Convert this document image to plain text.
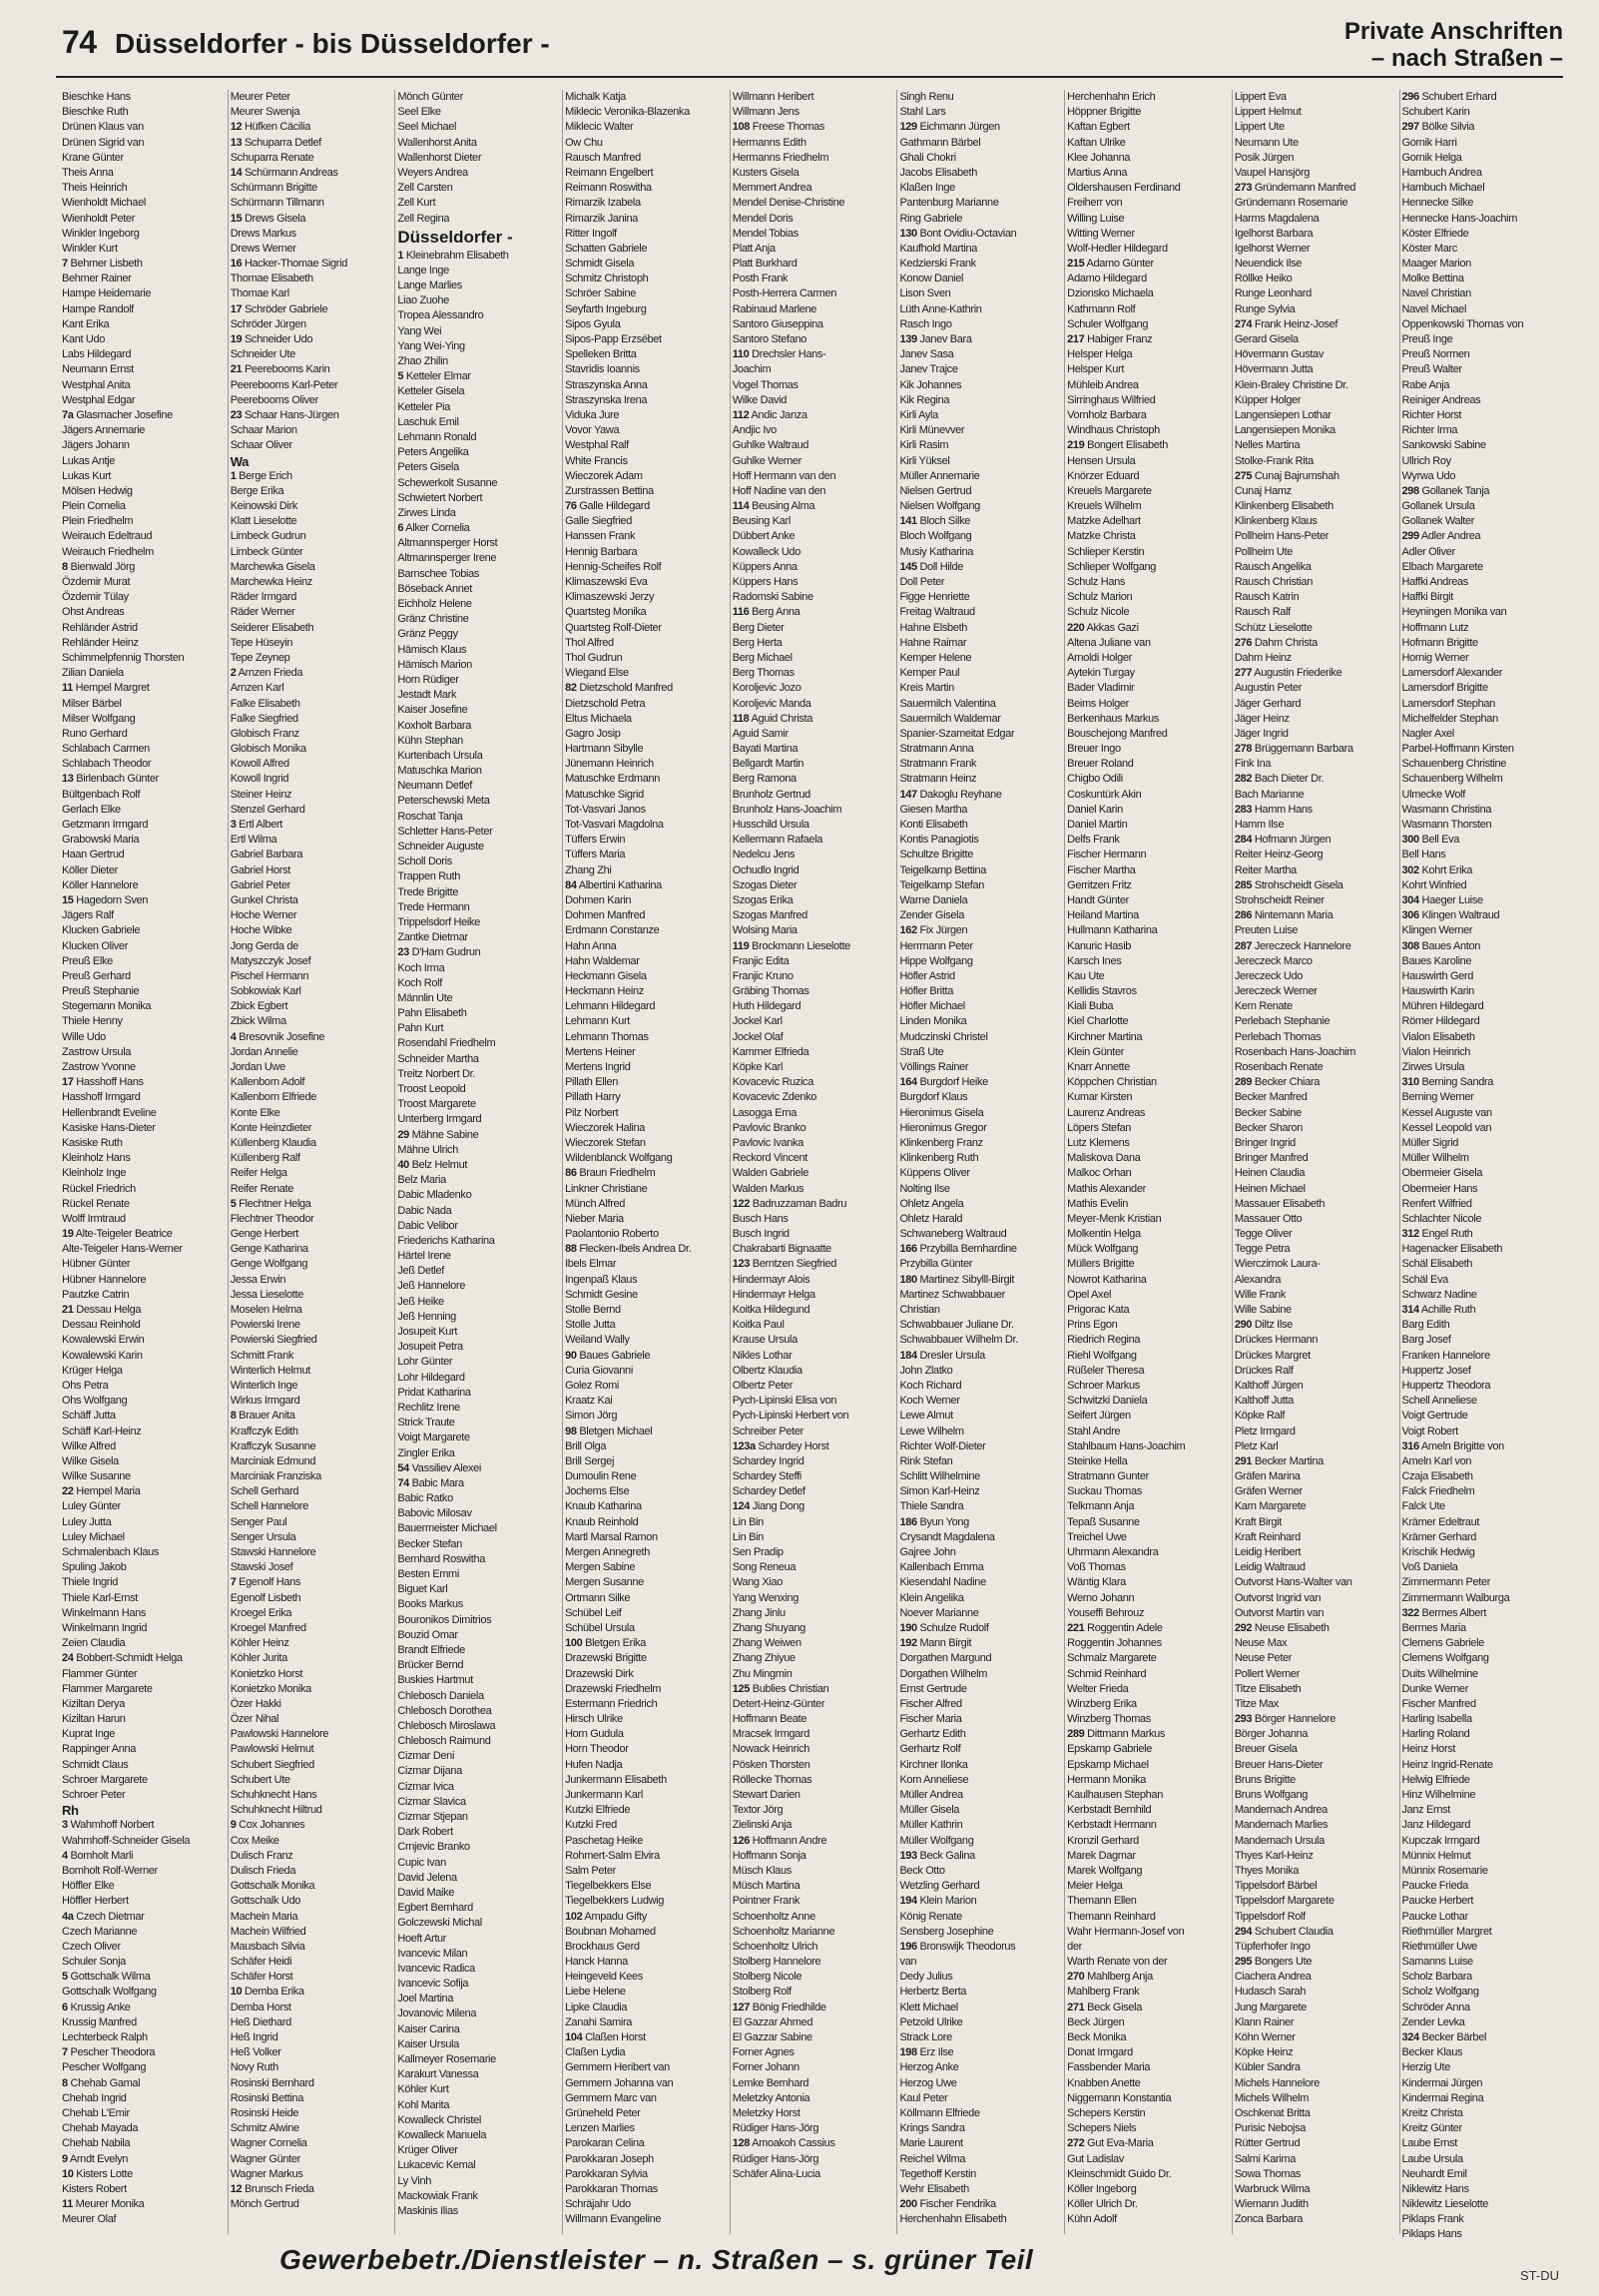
74 Düsseldorfer - bis Düsseldorfer -	Private Anschriften
– nach Straßen –
Bieschke Hans
Bieschke Ruth
Drünen Klaus van
Drünen Sigrid van
Krane Günter
Theis Anna
Theis Heinrich
Wienholdt Michael
Wienholdt Peter
Winkler Ingeborg
Winkler Kurt
7 Behmer Lisbeth
Behmer Rainer
Hampe Heidemarie
Hampe Randolf
Kant Erika
Kant Udo
Labs Hildegard
Neumann Ernst
Westphal Anita
Westphal Edgar
7a Glasmacher Josefine
Jägers Annemarie
Jägers Johann
Lukas Antje
Lukas Kurt
Mölsen Hedwig
Plein Cornelia
Plein Friedhelm
Weirauch Edeltraud
Weirauch Friedhelm
8 Bienwald Jörg
Özdemir Murat
Özdemir Tülay
Ohst Andreas
Rehländer Astrid
Rehländer Heinz
Schimmelpfennig Thorsten
Zilian Daniela
11 Hempel Margret
Milser Bärbel
Milser Wolfgang
Runo Gerhard
Schlabach Carmen
Schlabach Theodor
13 Birlenbach Günter
Bültgenbach Rolf
Gerlach Elke
Getzmann Irmgard
Grabowski Maria
Haan Gertrud
Köller Dieter
Köller Hannelore
15 Hagedorn Sven
Jägers Ralf
Klucken Gabriele
Klucken Oliver
Preuß Elke
Preuß Gerhard
Preuß Stephanie
Stegemann Monika
Thiele Henny
Wille Udo
Zastrow Ursula
Zastrow Yvonne
17 Hasshoff Hans
Hasshoff Irmgard
Hellenbrandt Eveline
Kasiske Hans-Dieter
Kasiske Ruth
Kleinholz Hans
Kleinholz Inge
Rückel Friedrich
Rückel Renate
Wolff Irmtraud
19 Alte-Teigeler Beatrice
Alte-Teigeler Hans-Werner
Hübner Günter
Hübner Hannelore
Pautzke Catrin
21 Dessau Helga
Dessau Reinhold
Kowalewski Erwin
Kowalewski Karin
Krüger Helga
Ohs Petra
Ohs Wolfgang
Schäff Jutta
Schäff Karl-Heinz
Wilke Alfred
Wilke Gisela
Wilke Susanne
22 Hempel Maria
Luley Günter
Luley Jutta
Luley Michael
Schmalenbach Klaus
Spuling Jakob
Thiele Ingrid
Thiele Karl-Ernst
Winkelmann Hans
Winkelmann Ingrid
Zeien Claudia
24 Bobbert-Schmidt Helga
Flammer Günter
Flammer Margarete
Kiziltan Derya
Kiziltan Harun
Kuprat Inge
Rappinger Anna
Schmidt Claus
Schroer Margarete
Schroer Peter
Rh
3 Wahmhoff Norbert
Wahmhoff-Schneider Gisela
4 Bomholt Marli
Bomholt Rolf-Werner
Höffler Elke
Höffler Herbert
4a Czech Dietmar
Czech Marianne
Czech Oliver
Schuler Sonja
5 Gottschalk Wilma
Gottschalk Wolfgang
6 Krussig Anke
Krussig Manfred
Lechterbeck Ralph
7 Pescher Theodora
Pescher Wolfgang
8 Chehab Gamal
Chehab Ingrid
Chehab L'Emir
Chehab Mayada
Chehab Nabila
9 Arndt Evelyn
10 Kisters Lotte
Kisters Robert
11 Meurer Monika
Meurer Olaf
Meurer Peter
Meurer Swenja
12 Hüfken Cäcilia
13 Schuparra Detlef
Schuparra Renate
14 Schürmann Andreas
Schürmann Brigitte
Schürmann Tillmann
15 Drews Gisela
Drews Markus
Drews Werner
16 Hacker-Thomae Sigrid
Thomae Elisabeth
Thomae Karl
17 Schröder Gabriele
Schröder Jürgen
19 Schneider Udo
Schneider Ute
21 Peerebooms Karin
Peerebooms Karl-Peter
Peerebooms Oliver
23 Schaar Hans-Jürgen
Schaar Marion
Schaar Oliver
Wa
1 Berge Erich
Berge Erika
Keinowski Dirk
Klatt Lieselotte
Limbeck Gudrun
Limbeck Günter
Marchewka Gisela
Marchewka Heinz
Räder Irmgard
Räder Werner
Seiderer Elisabeth
Tepe Hüseyin
Tepe Zeynep
2 Arnzen Frieda
Arnzen Karl
Falke Elisabeth
Falke Siegfried
Globisch Franz
Globisch Monika
Kowoll Alfred
Kowoll Ingrid
Steiner Heinz
Stenzel Gerhard
3 Ertl Albert
Ertl Wilma
Gabriel Barbara
Gabriel Horst
Gabriel Peter
Gunkel Christa
Hoche Werner
Hoche Wibke
Jong Gerda de
Matyszczyk Josef
Pischel Hermann
Sobkowiak Karl
Zbick Egbert
Zbick Wilma
4 Bresovnik Josefine
Jordan Annelie
Jordan Uwe
Kallenborn Adolf
Kallenborn Elfriede
Konte Elke
Konte Heinzdieter
Küllenberg Klaudia
Küllenberg Ralf
Reifer Helga
Reifer Renate
5 Flechtner Helga
Flechtner Theodor
Genge Herbert
Genge Katharina
Genge Wolfgang
Jessa Erwin
Jessa Lieselotte
Moselen Helma
Powierski Irene
Powierski Siegfried
Schmitt Frank
Winterlich Helmut
Winterlich Inge
Wirkus Irmgard
8 Brauer Anita
Kraffczyk Edith
Kraffczyk Susanne
Marciniak Edmund
Marciniak Franziska
Schell Gerhard
Schell Hannelore
Senger Paul
Senger Ursula
Stawski Hannelore
Stawski Josef
7 Egenolf Hans
Egenolf Lisbeth
Kroegel Erika
Kroegel Manfred
Köhler Heinz
Köhler Jurita
Konietzko Horst
Konietzko Monika
Özer Hakki
Özer Nihal
Pawlowski Hannelore
Pawlowski Helmut
Schubert Siegfried
Schubert Ute
Schuhknecht Hans
Schuhknecht Hiltrud
9 Cox Johannes
Cox Meike
Dulisch Franz
Dulisch Frieda
Gottschalk Monika
Gottschalk Udo
Machein Maria
Machein Wilfried
Mausbach Silvia
Schäfer Heidi
Schäfer Horst
10 Demba Erika
Demba Horst
Heß Diethard
Heß Ingrid
Heß Volker
Novy Ruth
Rosinski Bernhard
Rosinski Bettina
Rosinski Heide
Schmitz Alwine
Wagner Cornelia
Wagner Günter
Wagner Markus
12 Brunsch Frieda
Mönch Gertrud
Mönch Günter
Seel Elke
Seel Michael
Wallenhorst Anita
Wallenhorst Dieter
Weyers Andrea
Zell Carsten
Zell Kurt
Zell Regina
Düsseldorfer -
1 Kleinebrahm Elisabeth
Lange Inge
Lange Marlies
Liao Zuohe
Tropea Alessandro
Yang Wei
Yang Wei-Ying
Zhao Zhilin
5 Ketteler Elmar
Ketteler Gisela
Ketteler Pia
Laschuk Emil
Lehmann Ronald
Peters Angelika
Peters Gisela
Schewerkolt Susanne
Schwietert Norbert
Zirwes Linda
6 Alker Cornelia
Altmannsperger Horst
Altmannsperger Irene
Barnschee Tobias
Böseback Annet
Eichholz Helene
Gränz Christine
Gränz Peggy
Hämisch Klaus
Hämisch Marion
Horn Rüdiger
Jestadt Mark
Kaiser Josefine
Koxholt Barbara
Kühn Stephan
Kurtenbach Ursula
Matuschka Marion
Neumann Detlef
Peterschewski Meta
Roschat Tanja
Schletter Hans-Peter
Schneider Auguste
Scholl Doris
Trappen Ruth
Trede Brigitte
Trede Hermann
Trippelsdorf Heike
Zantke Dietmar
23 D'Ham Gudrun
Koch Irma
Koch Rolf
Männlin Ute
Pahn Elisabeth
Pahn Kurt
Rosendahl Friedhelm
Schneider Martha
Treitz Norbert Dr.
Troost Leopold
Troost Margarete
Unterberg Irmgard
29 Mähne Sabine
Mähne Ulrich
40 Belz Helmut
Belz Maria
Dabic Mladenko
Dabic Nada
Dabic Velibor
Friederichs Katharina
Härtel Irene
Jeß Detlef
Jeß Hannelore
Jeß Heike
Jeß Henning
Josupeit Kurt
Josupeit Petra
Lohr Günter
Lohr Hildegard
Pridat Katharina
Rechlitz Irene
Strick Traute
Voigt Margarete
Zingler Erika
54 Vassiliev Alexei
74 Babic Mara
Babic Ratko
Babovic Milosav
Bauermeister Michael
Becker Stefan
Bernhard Roswitha
Besten Emmi
Biguet Karl
Books Markus
Bouronikos Dimitrios
Bouzid Omar
Brandt Elfriede
Brücker Bernd
Buskies Hartmut
Chlebosch Daniela
Chlebosch Dorothea
Chlebosch Miroslawa
Chlebosch Raimund
Cizmar Deni
Cizmar Dijana
Cizmar Ivica
Cizmar Slavica
Cizmar Stjepan
Dark Robert
Crnjevic Branko
Cupic Ivan
David Jelena
David Maike
Egbert Bernhard
Golczewski Michal
Hoeft Artur
Ivancevic Milan
Ivancevic Radica
Ivancevic Sofija
Joel Martina
Jovanovic Milena
Kaiser Carina
Kaiser Ursula
Kallmeyer Rosemarie
Karakurt Vanessa
Köhler Kurt
Kohl Marita
Kowalleck Christel
Kowalleck Manuela
Krüger Oliver
Lukacevic Kemal
Ly Vinh
Mackowiak Frank
Maskinis Ilias
Michalk Katja
Miklecic Veronika-Blazenka
Miklecic Walter
Ow Chu
Rausch Manfred
Reimann Engelbert
Reimann Roswitha
Rimarzik Izabela
Rimarzik Janina
Ritter Ingolf
Schatten Gabriele
Schmidt Gisela
Schmitz Christoph
Schröer Sabine
Seyfarth Ingeburg
Sipos Gyula
Sipos-Papp Erzsébet
Spelleken Britta
Stavridis Ioannis
Straszynska Anna
Straszynska Irena
Viduka Jure
Vovor Yawa
Westphal Ralf
White Francis
Wieczorek Adam
Zurstrassen Bettina
76 Galle Hildegard
Galle Siegfried
Hanssen Frank
Hennig Barbara
Hennig-Scheifes Rolf
Klimaszewski Eva
Klimaszewski Jerzy
Quartsteg Monika
Quartsteg Rolf-Dieter
Thol Alfred
Thol Gudrun
Wiegand Else
82 Dietzschold Manfred
Dietzschold Petra
Eltus Michaela
Gagro Josip
Hartmann Sibylle
Jünemann Heinrich
Matuschke Erdmann
Matuschke Sigrid
Tot-Vasvari Janos
Tot-Vasvari Magdolna
Tüffers Erwin
Tüffers Maria
Zhang Zhi
84 Albertini Katharina
Dohmen Karin
Dohmen Manfred
Erdmann Constanze
Hahn Anna
Hahn Waldemar
Heckmann Gisela
Heckmann Heinz
Lehmann Hildegard
Lehmann Kurt
Lehmann Thomas
Mertens Heiner
Mertens Ingrid
Pillath Ellen
Pillath Harry
Pilz Norbert
Wieczorek Halina
Wieczorek Stefan
Wildenblanck Wolfgang
86 Braun Friedhelm
Linkner Christiane
Münch Alfred
Nieber Maria
Paolantonio Roberto
88 Flecken-Ibels Andrea Dr.
Ibels Elmar
Ingenpaß Klaus
Schmidt Gesine
Stolle Bernd
Stolle Jutta
Weiland Wally
90 Baues Gabriele
Curia Giovanni
Golez Romi
Kraatz Kai
Simon Jörg
98 Bletgen Michael
Brill Olga
Brill Sergej
Dumoulin Rene
Jochems Else
Knaub Katharina
Knaub Reinhold
Martl Marsal Ramon
Mergen Annegreth
Mergen Sabine
Mergen Susanne
Ortmann Silke
Schübel Leif
Schübel Ursula
100 Bletgen Erika
Drazewski Brigitte
Drazewski Dirk
Drazewski Friedhelm
Estermann Friedrich
Hirsch Ulrike
Horn Gudula
Horn Theodor
Hufen Nadja
Junkermann Elisabeth
Junkermann Karl
Kutzki Elfriede
Kutzki Fred
Paschetag Heike
Rohmert-Salm Elvira
Salm Peter
Tiegelbekkers Else
Tiegelbekkers Ludwig
102 Ampadu Gifty
Boubnan Mohamed
Brockhaus Gerd
Hanck Hanna
Heingeveld Kees
Liebe Helene
Lipke Claudia
Zanahi Samira
104 Claßen Horst
Claßen Lydia
Gemmern Heribert van
Gemmern Johanna van
Gemmern Marc van
Grüneheld Peter
Lenzen Marlies
Parokaran Celina
Parokkaran Joseph
Parokkaran Sylvia
Parokkaran Thomas
Schräjahr Udo
Willmann Evangeline
Willmann Heribert
Willmann Jens
108 Freese Thomas
Hermanns Edith
Hermanns Friedhelm
Kusters Gisela
Memmert Andrea
Mendel Denise-Christine
Mendel Doris
Mendel Tobias
Platt Anja
Platt Burkhard
Posth Frank
Posth-Herrera Carmen
Rabinaud Marlene
Santoro Giuseppina
Santoro Stefano
110 Drechsler Hans-
Joachim
Vogel Thomas
Wilke David
112 Andic Janza
Andjic Ivo
Guhlke Waltraud
Guhlke Werner
Hoff Hermann van den
Hoff Nadine van den
114 Beusing Alma
Beusing Karl
Dübbert Anke
Kowalleck Udo
Küppers Anna
Küppers Hans
Radomski Sabine
116 Berg Anna
Berg Dieter
Berg Herta
Berg Michael
Berg Thomas
Koroljevic Jozo
Koroljevic Manda
118 Aguid Christa
Aguid Samir
Bayati Martina
Bellgardt Martin
Berg Ramona
Brunholz Gertrud
Brunholz Hans-Joachim
Husschild Ursula
Kellermann Rafaela
Nedelcu Jens
Ochudlo Ingrid
Szogas Dieter
Szogas Erika
Szogas Manfred
Wolsing Maria
119 Brockmann Lieselotte
Franjic Edita
Franjic Kruno
Gräbing Thomas
Huth Hildegard
Jockel Karl
Jockel Olaf
Kammer Elfrieda
Köpke Karl
Kovacevic Ruzica
Kovacevic Zdenko
Lasogga Erna
Pavlovic Branko
Pavlovic Ivanka
Reckord Vincent
Walden Gabriele
Walden Markus
122 Badruzzaman Badru
Busch Hans
Busch Ingrid
Chakrabarti Bignaatte
123 Berntzen Siegfried
Hindermayr Alois
Hindermayr Helga
Koitka Hildegund
Koitka Paul
Krause Ursula
Nikles Lothar
Olbertz Klaudia
Olbertz Peter
Pych-Lipinski Elisa von
Pych-Lipinski Herbert von
Schreiber Peter
123a Schardey Horst
Schardey Ingrid
Schardey Steffi
Schardey Detlef
124 Jiang Dong
Lin Bin
Lin Bin
Sen Pradip
Song Reneua
Wang Xiao
Yang Wenxing
Zhang Jinlu
Zhang Shuyang
Zhang Weiwen
Zhang Zhiyue
Zhu Mingmin
125 Bublies Christian
Detert-Heinz-Günter
Hoffmann Beate
Mracsek Irmgard
Nowack Heinrich
Pösken Thorsten
Röllecke Thomas
Stewart Darien
Textor Jörg
Zielinski Anja
126 Hoffmann Andre
Hoffmann Sonja
Müsch Klaus
Müsch Martina
Pointner Frank
Schoenholtz Anne
Schoenholtz Marianne
Schoenholtz Ulrich
Stolberg Hannelore
Stolberg Nicole
Stolberg Rolf
127 Bönig Friedhilde
El Gazzar Ahmed
El Gazzar Sabine
Forner Agnes
Forner Johann
Lemke Bernhard
Meletzky Antonia
Meletzky Horst
Rüdiger Hans-Jörg
128 Amoakoh Cassius
Rüdiger Hans-Jörg
Schäfer Alina-Lucia
Singh Renu
Stahl Lars
129 Eichmann Jürgen
Gathmann Bärbel
Ghali Chokri
Jacobs Elisabeth
Klaßen Inge
Pantenburg Marianne
Ring Gabriele
130 Bont Ovidiu-Octavian
Kaufhold Martina
Kedzierski Frank
Konow Daniel
Lison Sven
Lüth Anne-Kathrin
Rasch Ingo
139 Janev Bara
Janev Sasa
Janev Trajce
Kik Johannes
Kik Regina
Kirli Ayla
Kirli Münevver
Kirli Rasim
Kirli Yüksel
Müller Annemarie
Nielsen Gertrud
Nielsen Wolfgang
141 Bloch Silke
Bloch Wolfgang
Musiy Katharina
145 Doll Hilde
Doll Peter
Figge Henriette
Freitag Waltraud
Hahne Elsbeth
Hahne Raimar
Kemper Helene
Kemper Paul
Kreis Martin
Sauermilch Valentina
Sauermilch Waldemar
Spanier-Szameitat Edgar
Stratmann Anna
Stratmann Frank
Stratmann Heinz
147 Dakoglu Reyhane
Giesen Martha
Konti Elisabeth
Kontis Panagiotis
Schultze Brigitte
Teigelkamp Bettina
Teigelkamp Stefan
Warne Daniela
Zender Gisela
162 Fix Jürgen
Herrmann Peter
Hippe Wolfgang
Höfler Astrid
Höfler Britta
Höfler Michael
Linden Monika
Mudczinski Christel
Straß Ute
Völlings Rainer
164 Burgdorf Heike
Burgdorf Klaus
Hieronimus Gisela
Hieronimus Gregor
Klinkenberg Franz
Klinkenberg Ruth
Küppens Oliver
Nolting Ilse
Ohletz Angela
Ohletz Harald
Schwaneberg Waltraud
166 Przybilla Bernhardine
Przybilla Günter
180 Martinez Sibylll-Birgit
Martinez Schwabbauer
Christian
Schwabbauer Juliane Dr.
Schwabbauer Wilhelm Dr.
184 Dresler Ursula
John Zlatko
Koch Richard
Koch Werner
Lewe Almut
Lewe Wilhelm
Richter Wolf-Dieter
Rink Stefan
Schlitt Wilhelmine
Simon Karl-Heinz
Thiele Sandra
186 Byun Yong
Crysandt Magdalena
Gajree John
Kallenbach Emma
Kiesendahl Nadine
Klein Angelika
Noever Marianne
190 Schulze Rudolf
192 Mann Birgit
Dorgathen Margund
Dorgathen Wilhelm
Ernst Gertrude
Fischer Alfred
Fischer Maria
Gerhartz Edith
Gerhartz Rolf
Kirchner Ilonka
Kom Anneliese
Müller Andrea
Müller Gisela
Müller Kathrin
Müller Wolfgang
193 Beck Galina
Beck Otto
Wetzling Gerhard
194 Klein Marion
König Renate
Sensberg Josephine
196 Bronswijk Theodorus
van
Dedy Julius
Herbertz Berta
Klett Michael
Petzold Ulrike
Strack Lore
198 Erz Ilse
Herzog Anke
Herzog Uwe
Kaul Peter
Köllmann Elfriede
Krings Sandra
Marie Laurent
Reichel Wilma
Tegethoff Kerstin
Wehr Elisabeth
200 Fischer Fendrika
Herchenhahn Elisabeth
Herchenhahn Erich
Höppner Brigitte
Kaftan Egbert
Kaftan Ulrike
Klee Johanna
Martius Anna
Oldershausen Ferdinand
Freiherr von
Willing Luise
Witting Werner
Wolf-Hedler Hildegard
215 Adamo Günter
Adamo Hildegard
Dzionsko Michaela
Kathmann Rolf
Schuler Wolfgang
217 Habiger Franz
Helsper Helga
Helsper Kurt
Mühleib Andrea
Sirringhaus Wilfried
Vornholz Barbara
Windhaus Christoph
219 Bongert Elisabeth
Hensen Ursula
Knörzer Eduard
Kreuels Margarete
Kreuels Wilhelm
Matzke Adelhart
Matzke Christa
Schlieper Kerstin
Schlieper Wolfgang
Schulz Hans
Schulz Marion
Schulz Nicole
220 Akkas Gazi
Altena Juliane van
Arnoldi Holger
Aytekin Turgay
Bader Vladimir
Beims Holger
Berkenhaus Markus
Bouschejong Manfred
Breuer Ingo
Breuer Roland
Chigbo Odili
Coskuntürk Akin
Daniel Karin
Daniel Martin
Delfs Frank
Fischer Hermann
Fischer Martha
Gerritzen Fritz
Handt Günter
Heiland Martina
Hullmann Katharina
Kanuric Hasib
Karsch Ines
Kau Ute
Kellidis Stavros
Kiali Buba
Kiel Charlotte
Kirchner Martina
Klein Günter
Knarr Annette
Köppchen Christian
Kumar Kirsten
Laurenz Andreas
Löpers Stefan
Lutz Klemens
Maliskova Dana
Malkoc Orhan
Mathis Alexander
Mathis Evelin
Meyer-Menk Kristian
Molkentin Helga
Mück Wolfgang
Müllers Brigitte
Nowrot Katharina
Opel Axel
Prigorac Kata
Prins Egon
Riedrich Regina
Riehl Wolfgang
Rüßeler Theresa
Schroer Markus
Schwitzki Daniela
Seifert Jürgen
Stahl Andre
Stahlbaum Hans-Joachim
Steinke Hella
Stratmann Gunter
Suckau Thomas
Telkmann Anja
Tepaß Susanne
Treichel Uwe
Uhrmann Alexandra
Voß Thomas
Wäntig Klara
Werno Johann
Youseffi Behrouz
221 Roggentin Adele
Roggentin Johannes
Schmalz Margarete
Schmid Reinhard
Welter Frieda
Winzberg Erika
Winzberg Thomas
289 Dittmann Markus
Epskamp Gabriele
Epskamp Michael
Hermann Monika
Kaulhausen Stephan
Kerbstadt Bernhild
Kerbstadt Hermann
Kronzil Gerhard
Marek Dagmar
Marek Wolfgang
Meier Helga
Themann Ellen
Themann Reinhard
Wahr Hermann-Josef von
der
Warth Renate von der
270 Mahlberg Anja
Mahlberg Frank
271 Beck Gisela
Beck Jürgen
Beck Monika
Donat Irmgard
Fassbender Maria
Knabben Anette
Niggemann Konstantia
Schepers Kerstin
Schepers Niels
272 Gut Eva-Maria
Gut Ladislav
Kleinschmidt Guido Dr.
Köller Ingeborg
Köller Ulrich Dr.
Kühn Adolf
Lippert Eva
Lippert Helmut
Lippert Ute
Neumann Ute
Posik Jürgen
Vaupel Hansjörg
273 Gründemann Manfred
Gründemann Rosemarie
Harms Magdalena
Igelhorst Barbara
Igelhorst Werner
Neuendick Ilse
Röllke Heiko
Runge Leonhard
Runge Sylvia
274 Frank Heinz-Josef
Gerard Gisela
Hövermann Gustav
Hövermann Jutta
Klein-Braley Christine Dr.
Küpper Holger
Langensiepen Lothar
Langensiepen Monika
Nelles Martina
Stolke-Frank Rita
275 Cunaj Bajrumshah
Cunaj Hamz
Klinkenberg Elisabeth
Klinkenberg Klaus
Pollheim Hans-Peter
Pollheim Ute
Rausch Angelika
Rausch Christian
Rausch Katrin
Rausch Ralf
Schütz Lieselotte
276 Dahm Christa
Dahm Heinz
277 Augustin Friederike
Augustin Peter
Jäger Gerhard
Jäger Heinz
Jäger Ingrid
278 Brüggemann Barbara
Fink Ina
282 Bach Dieter Dr.
Bach Marianne
283 Hamm Hans
Hamm Ilse
284 Hofmann Jürgen
Reiter Heinz-Georg
Reiter Martha
285 Strohscheidt Gisela
Strohscheidt Reiner
286 Nintemann Maria
Preuten Luise
287 Jereczeck Hannelore
Jereczeck Marco
Jereczeck Udo
Jereczeck Werner
Kern Renate
Perlebach Stephanie
Perlebach Thomas
Rosenbach Hans-Joachim
Rosenbach Renate
289 Becker Chiara
Becker Manfred
Becker Sabine
Becker Sharon
Bringer Ingrid
Bringer Manfred
Heinen Claudia
Heinen Michael
Massauer Elisabeth
Massauer Otto
Tegge Oliver
Tegge Petra
Wierczimok Laura-
Alexandra
Wille Frank
Wille Sabine
290 Diltz Ilse
Drückes Hermann
Drückes Margret
Drückes Ralf
Kalthoff Jürgen
Kalthoff Jutta
Köpke Ralf
Pletz Irmgard
Pletz Karl
291 Becker Martina
Gräfen Marina
Gräfen Werner
Karn Margarete
Kraft Birgit
Kraft Reinhard
Leidig Heribert
Leidig Waltraud
Outvorst Hans-Walter van
Outvorst Ingrid van
Outvorst Martin van
292 Neuse Elisabeth
Neuse Max
Neuse Peter
Pollert Werner
Titze Elisabeth
Titze Max
293 Börger Hannelore
Börger Johanna
Breuer Gisela
Breuer Hans-Dieter
Bruns Brigitte
Bruns Wolfgang
Mandernach Andrea
Mandernach Marlies
Mandernach Ursula
Thyes Karl-Heinz
Thyes Monika
Tippelsdorf Bärbel
Tippelsdorf Margarete
Tippelsdorf Rolf
294 Schubert Claudia
Tüpferhofer Ingo
295 Bongers Ute
Ciachera Andrea
Hudasch Sarah
Jung Margarete
Klann Rainer
Köhn Werner
Köpke Heinz
Kübler Sandra
Michels Hannelore
Michels Wilhelm
Oschkenat Britta
Purisic Nebojsa
Rütter Gertrud
Salmi Karima
Sowa Thomas
Warbruck Wilma
Wiemann Judith
Zonca Barbara
296 Schubert Erhard
Schubert Karin
297 Bölke Silvia
Gornik Harri
Gornik Helga
Hambuch Andrea
Hambuch Michael
Hennecke Silke
Hennecke Hans-Joachim
Köster Elfriede
Köster Marc
Maager Marion
Molke Bettina
Navel Christian
Navel Michael
Oppenkowski Thomas von
Preuß Inge
Preuß Normen
Preuß Walter
Rabe Anja
Reiniger Andreas
Richter Horst
Richter Irma
Sankowski Sabine
Ullrich Roy
Wyrwa Udo
298 Gollanek Tanja
Gollanek Ursula
Gollanek Walter
299 Adler Andrea
Adler Oliver
Elbach Margarete
Haffki Andreas
Haffki Birgit
Heyningen Monika van
Hoffmann Lutz
Hofmann Brigitte
Hornig Werner
Lamersdorf Alexander
Lamersdorf Brigitte
Lamersdorf Stephan
Michelfelder Stephan
Nagler Axel
Parbel-Hoffmann Kirsten
Schauenberg Christine
Schauenberg Wilhelm
Ulmecke Wolf
Wasmann Christina
Wasmann Thorsten
300 Bell Eva
Bell Hans
302 Kohrt Erika
Kohrt Winfried
304 Haeger Luise
306 Klingen Waltraud
Klingen Werner
308 Baues Anton
Baues Karoline
Hauswirth Gerd
Hauswirth Karin
Mühren Hildegard
Römer Hildegard
Vialon Elisabeth
Vialon Heinrich
Zirwes Ursula
310 Berning Sandra
Berning Werner
Kessel Auguste van
Kessel Leopold van
Müller Sigrid
Müller Wilhelm
Obermeier Gisela
Obermeier Hans
Renfert Wilfried
Schlachter Nicole
312 Engel Ruth
Hagenacker Elisabeth
Schäl Elisabeth
Schäl Eva
Schwarz Nadine
314 Achille Ruth
Barg Edith
Barg Josef
Franken Hannelore
Huppertz Josef
Huppertz Theodora
Schell Anneliese
Voigt Gertrude
Voigt Robert
316 Ameln Brigitte von
Ameln Karl von
Czaja Elisabeth
Falck Friedhelm
Falck Ute
Krämer Edeltraut
Krämer Gerhard
Krischik Hedwig
Voß Daniela
Zimmermann Peter
Zimmermann Walburga
322 Bermes Albert
Bermes Maria
Clemens Gabriele
Clemens Wolfgang
Duits Wilhelmine
Dunke Werner
Fischer Manfred
Harling Isabella
Harling Roland
Heinz Horst
Heinz Ingrid-Renate
Helwig Elfriede
Hinz Wilhelmine
Janz Ernst
Janz Hildegard
Kupczak Irmgard
Münnix Helmut
Münnix Rosemarie
Paucke Frieda
Paucke Herbert
Paucke Lothar
Riethmüller Margret
Riethmüller Uwe
Samanns Luise
Scholz Barbara
Scholz Wolfgang
Schröder Anna
Zender Levka
324 Becker Bärbel
Becker Klaus
Herzig Ute
Kindermai Jürgen
Kindermai Regina
Kreitz Christa
Kreitz Günter
Laube Ernst
Laube Ursula
Neuhardt Emil
Niklewitz Hans
Niklewitz Lieselotte
Piklaps Frank
Piklaps Hans
Gewerbebetr./Dienstleister – n. Straßen – s. grüner Teil
ST-DU
